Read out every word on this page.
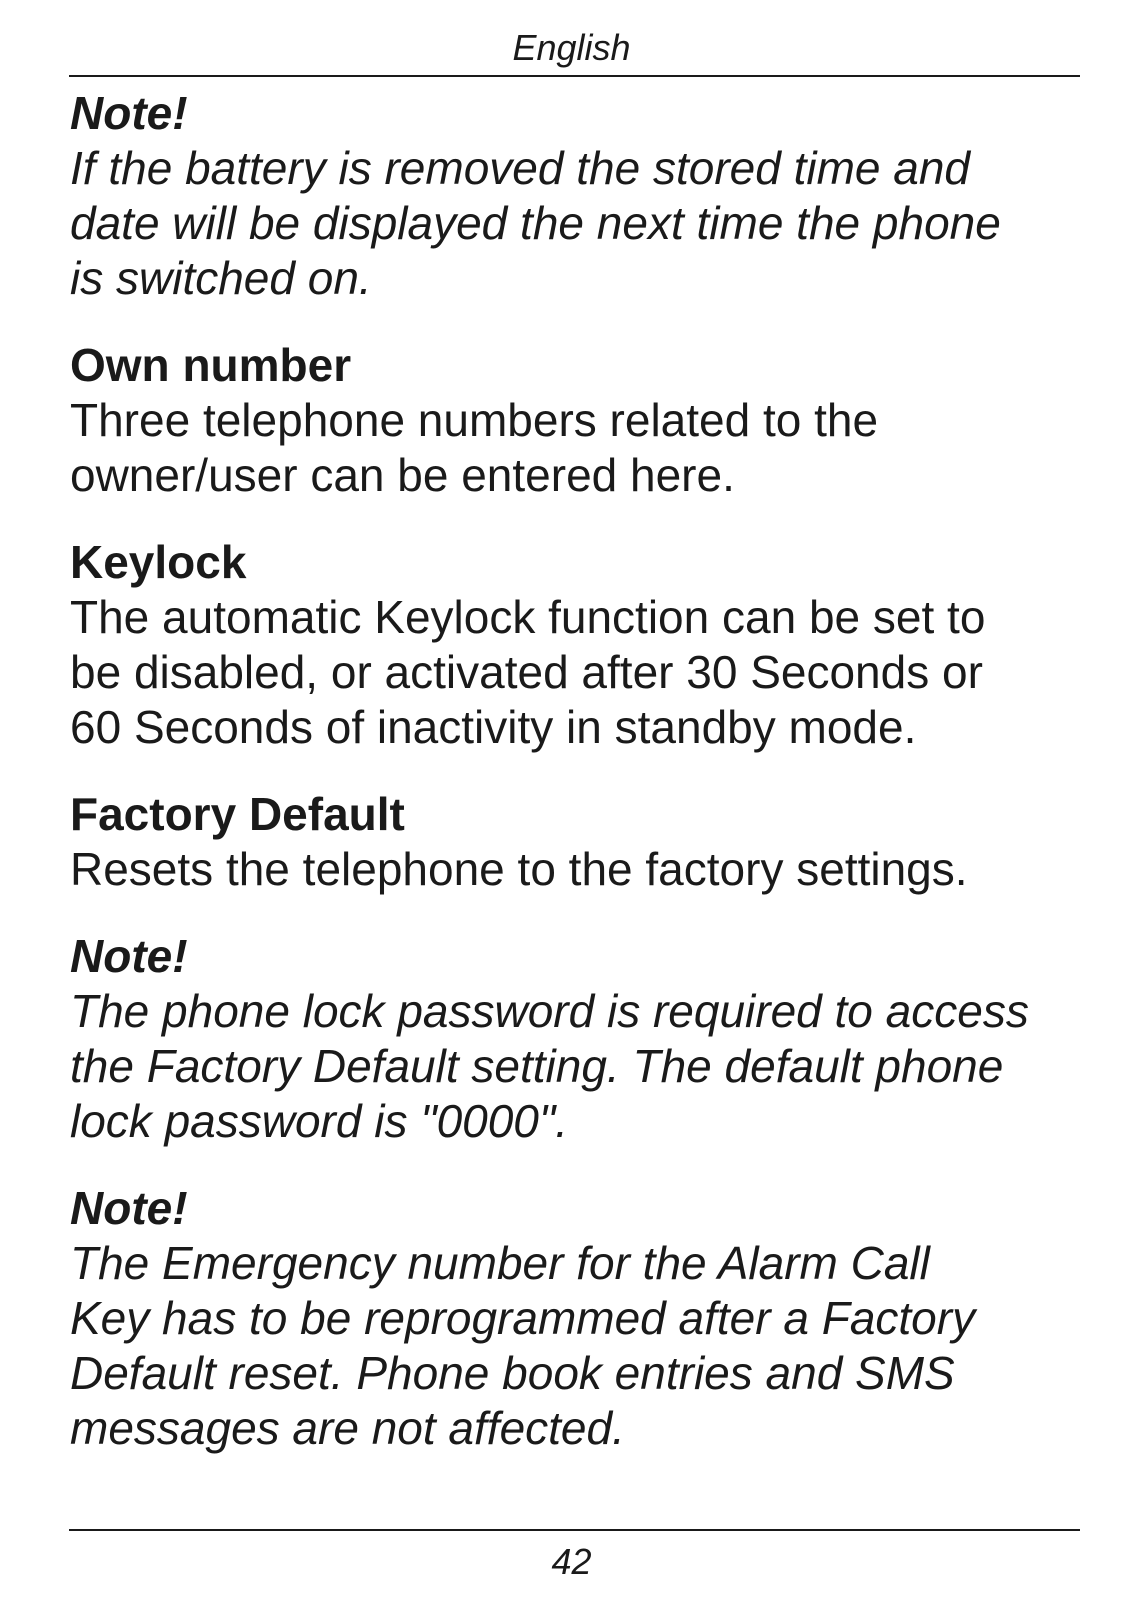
English

Note!

If the battery is removed the stored time and

date will be displayed the next time the phone

is switched on.

Own number

Three telephone numbers related to the

owner/user can be entered here.

Keylock

The automatic Keylock function can be set to

be disabled, or activated after 30 Seconds or

60 Seconds of inactivity in standby mode.

Factory Default

Resets the telephone to the factory settings.

Note!

The phone lock password is required to access

the Factory Default setting. The default phone

lock password is "0000".

Note!

The Emergency number for the Alarm Call

Key has to be reprogrammed after a Factory

Default reset. Phone book entries and SMS

messages are not affected.

42
